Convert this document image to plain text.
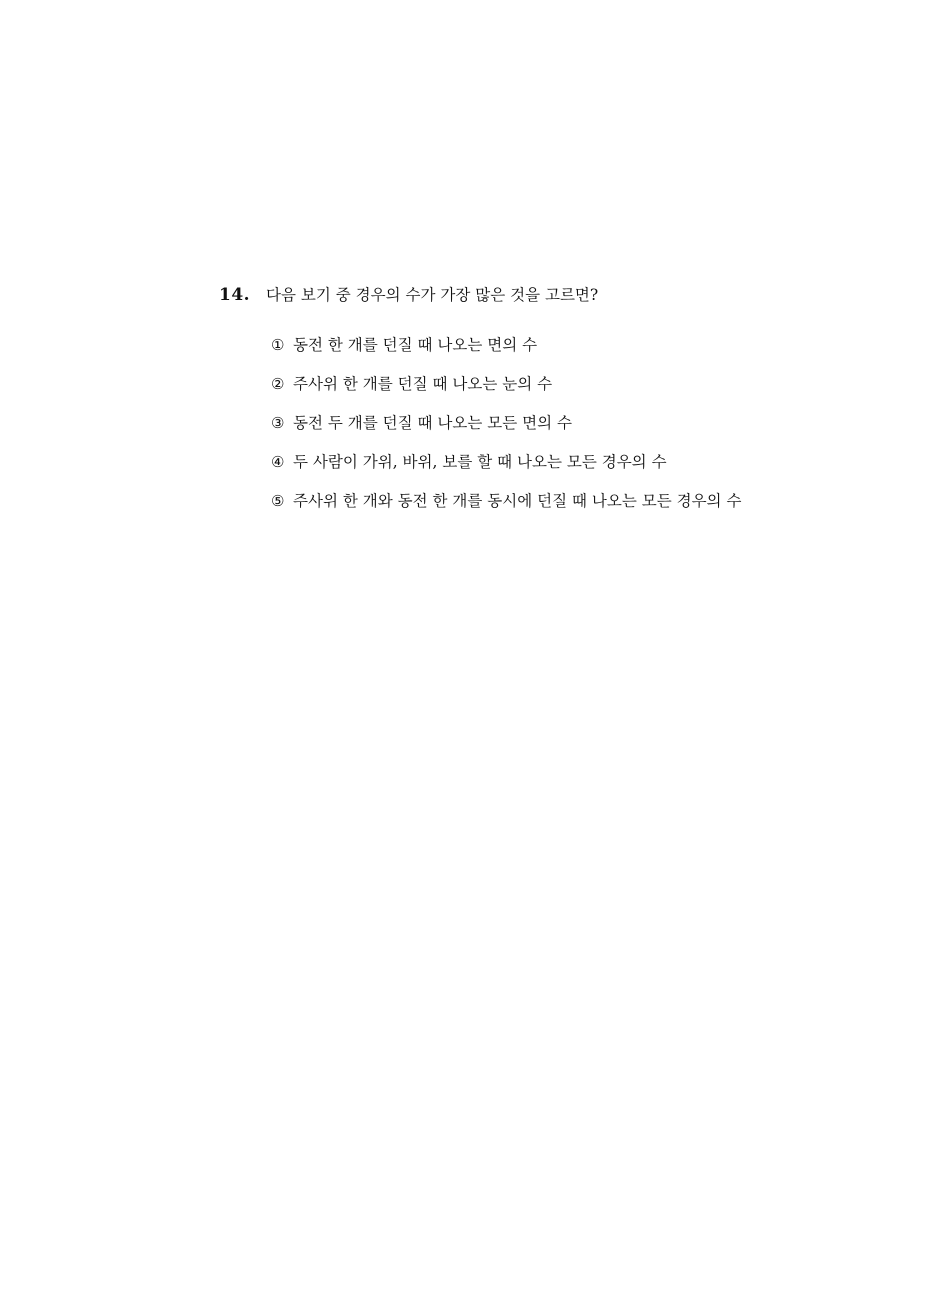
14.	다음 보기 중 경우의 수가 가장 많은 것을 고르면?
① 동전 한 개를 던질 때 나오는 면의 수
② 주사위 한 개를 던질 때 나오는 눈의 수
③ 동전 두 개를 던질 때 나오는 모든 면의 수
④ 두 사람이 가위, 바위, 보를 할 때 나오는 모든 경우의 수
⑤ 주사위 한 개와 동전 한 개를 동시에 던질 때 나오는 모든 경우의 수
